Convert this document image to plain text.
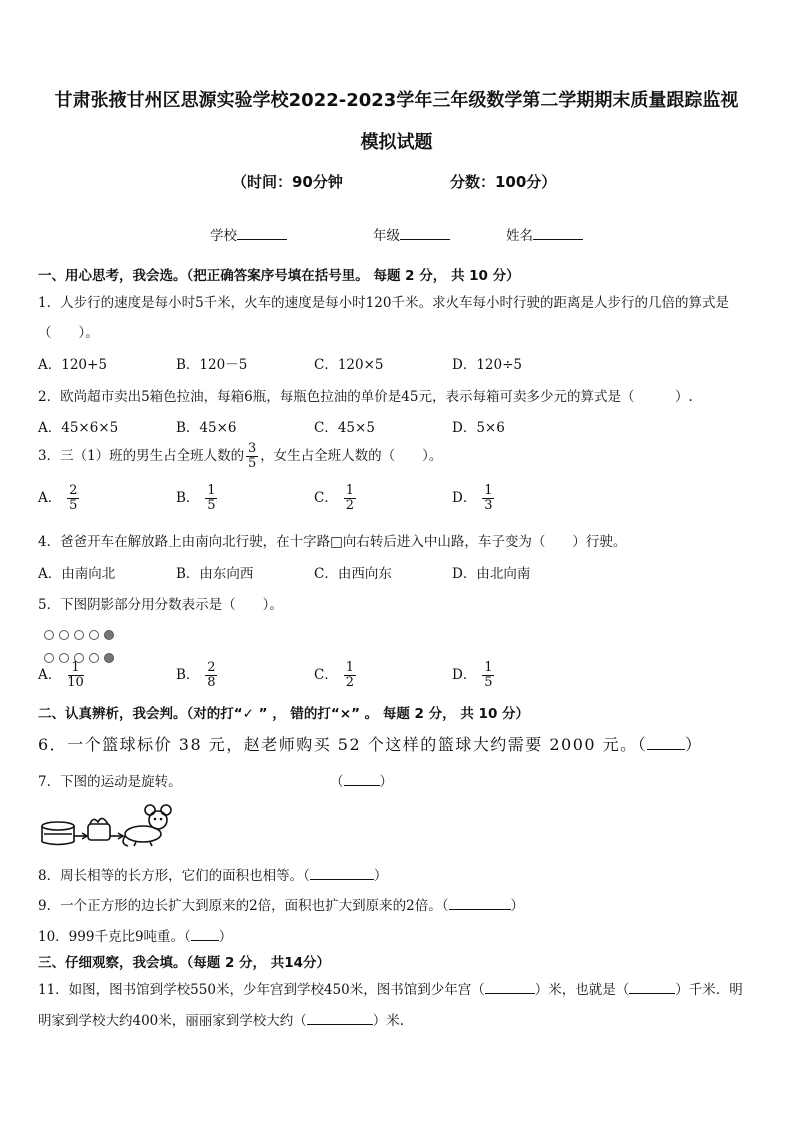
甘肃张掖甘州区思源实验学校2022-2023学年三年级数学第二学期期末质量跟踪监视
模拟试题
（时间：90分钟	分数：100分）
学校	年级	姓名
一、用心思考，我会选。（把正确答案序号填在括号里。 每题 2 分， 共 10 分）
1．人步行的速度是每小时5千米，火车的速度是每小时120千米。求火车每小时行驶的距离是人步行的几倍的算式是
（　　）。
A．120+5	B．120－5	C．120×5	D．120÷5
2．欧尚超市卖出5箱色拉油，每箱6瓶，每瓶色拉油的单价是45元，表示每箱可卖多少元的算式是（　　　）.
A．45×6×5	B．45×6	C．45×5	D．5×6
3．三（1）班的男生占全班人数的 $\frac{3}{5}$ ，女生占全班人数的（　　）。
A． $\frac{2}{5}$	B． $\frac{1}{5}$	C． $\frac{1}{2}$	D． $\frac{1}{3}$
4．爸爸开车在解放路上由南向北行驶，在十字路□向右转后进入中山路，车子变为（　　）行驶。
A．由南向北	B．由东向西	C．由西向东	D．由北向南
5．下图阴影部分用分数表示是（　　）。
A． $\frac{1}{10}$	B． $\frac{2}{8}$	C． $\frac{1}{2}$	D． $\frac{1}{5}$
二、认真辨析，我会判。（对的打“✓ ” ， 错的打“×” 。 每题 2 分， 共 10 分）
6．一个篮球标价 38 元，赵老师购买 52 个这样的篮球大约需要 2000 元。（ ）
7．下图的运动是旋转。	（	）
8．周长相等的长方形，它们的面积也相等。（	）
9．一个正方形的边长扩大到原来的2倍，面积也扩大到原来的2倍。（	）
10．999千克比9吨重。（ ）
三、仔细观察，我会填。（每题 2 分， 共14分）
11．如图，图书馆到学校550米，少年宫到学校450米，图书馆到少年宫（	）米，也就是（	）千米．明
明家到学校大约400米，丽丽家到学校大约（	）米.
